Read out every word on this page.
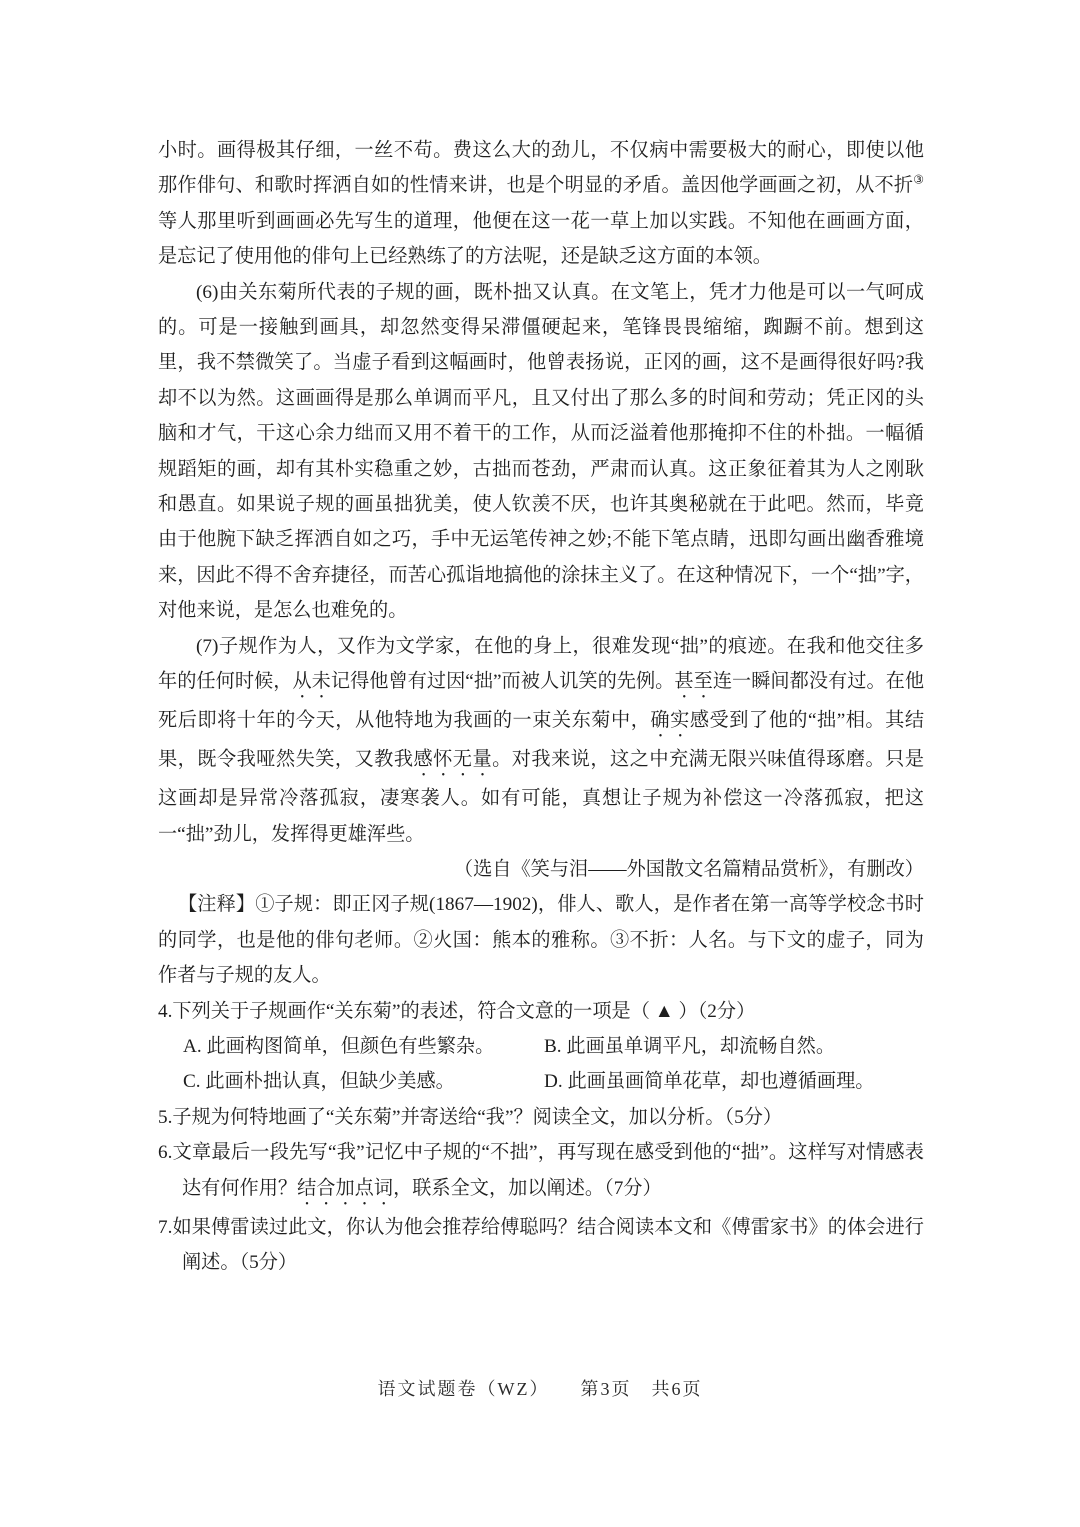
小时。画得极其仔细，一丝不苟。费这么大的劲儿，不仅病中需要极大的耐心，即使以他那作俳句、和歌时挥洒自如的性情来讲，也是个明显的矛盾。盖因他学画画之初，从不折③等人那里听到画画必先写生的道理，他便在这一花一草上加以实践。不知他在画画方面，是忘记了使用他的俳句上已经熟练了的方法呢，还是缺乏这方面的本领。

(6)由关东菊所代表的子规的画，既朴拙又认真。在文笔上，凭才力他是可以一气呵成的。可是一接触到画具，却忽然变得呆滞僵硬起来，笔锋畏畏缩缩，踟蹰不前。想到这里，我不禁微笑了。当虚子看到这幅画时，他曾表扬说，正冈的画，这不是画得很好吗?我却不以为然。这画画得是那么单调而平凡，且又付出了那么多的时间和劳动；凭正冈的头脑和才气，干这心余力绌而又用不着干的工作，从而泛溢着他那掩抑不住的朴拙。一幅循规蹈矩的画，却有其朴实稳重之妙，古拙而苍劲，严肃而认真。这正象征着其为人之刚耿和愚直。如果说子规的画虽拙犹美，使人钦羡不厌，也许其奥秘就在于此吧。然而，毕竟由于他腕下缺乏挥洒自如之巧，手中无运笔传神之妙;不能下笔点睛，迅即勾画出幽香雅境来，因此不得不舍弃捷径，而苦心孤诣地搞他的涂抹主义了。在这种情况下，一个“拙”字，对他来说，是怎么也难免的。

(7)子规作为人，又作为文学家，在他的身上，很难发现“拙”的痕迹。在我和他交往多年的任何时候，从未记得他曾有过因“拙”而被人讥笑的先例。甚至连一瞬间都没有过。在他死后即将十年的今天，从他特地为我画的一束关东菊中，确实感受到了他的“拙”相。其结果，既令我哑然失笑，又教我感怀无量。对我来说，这之中充满无限兴味值得琢磨。只是这画却是异常冷落孤寂，凄寒袭人。如有可能，真想让子规为补偿这一冷落孤寂，把这一“拙”劲儿，发挥得更雄浑些。

（选自《笑与泪——外国散文名篇精品赏析》，有删改）

【注释】①子规：即正冈子规(1867—1902)，俳人、歌人，是作者在第一高等学校念书时的同学，也是他的俳句老师。②火国：熊本的雅称。③不折：人名。与下文的虚子，同为作者与子规的友人。

4.下列关于子规画作“关东菊”的表述，符合文意的一项是（ ▲ ）（2分）

A. 此画构图简单，但颜色有些繁杂。	B. 此画虽单调平凡，却流畅自然。
C. 此画朴拙认真，但缺少美感。	D. 此画虽画简单花草，却也遵循画理。

5.子规为何特地画了“关东菊”并寄送给“我”？阅读全文，加以分析。（5分）

6.文章最后一段先写“我”记忆中子规的“不拙”，再写现在感受到他的“拙”。这样写对情感表达有何作用？结合加点词，联系全文，加以阐述。（7分）

7.如果傅雷读过此文，你认为他会推荐给傅聪吗？结合阅读本文和《傅雷家书》的体会进行阐述。（5分）

语文试题卷（WZ）　　第3页　共6页
